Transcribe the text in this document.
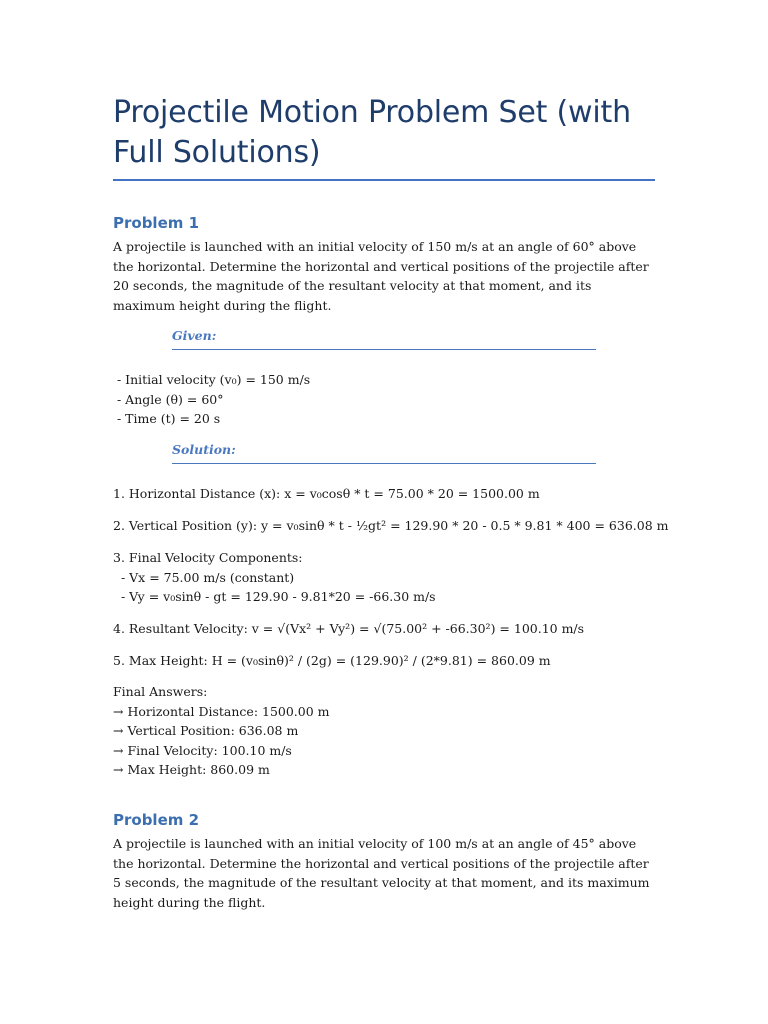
Projectile Motion Problem Set (with Full Solutions)
Problem 1
A projectile is launched with an initial velocity of 150 m/s at an angle of 60° above the horizontal. Determine the horizontal and vertical positions of the projectile after 20 seconds, the magnitude of the resultant velocity at that moment, and its maximum height during the flight.
Given:
- Initial velocity (v₀) = 150 m/s
- Angle (θ) = 60°
- Time (t) = 20 s
Solution:
1. Horizontal Distance (x): x = v₀cosθ * t = 75.00 * 20 = 1500.00 m
2. Vertical Position (y): y = v₀sinθ * t - ½gt² = 129.90 * 20 - 0.5 * 9.81 * 400 = 636.08 m
3. Final Velocity Components:
- Vx = 75.00 m/s (constant)
- Vy = v₀sinθ - gt = 129.90 - 9.81*20 = -66.30 m/s
4. Resultant Velocity: v = √(Vx² + Vy²) = √(75.00² + -66.30²) = 100.10 m/s
5. Max Height: H = (v₀sinθ)² / (2g) = (129.90)² / (2*9.81) = 860.09 m
Final Answers:
→ Horizontal Distance: 1500.00 m
→ Vertical Position: 636.08 m
→ Final Velocity: 100.10 m/s
→ Max Height: 860.09 m
Problem 2
A projectile is launched with an initial velocity of 100 m/s at an angle of 45° above the horizontal. Determine the horizontal and vertical positions of the projectile after 5 seconds, the magnitude of the resultant velocity at that moment, and its maximum height during the flight.
